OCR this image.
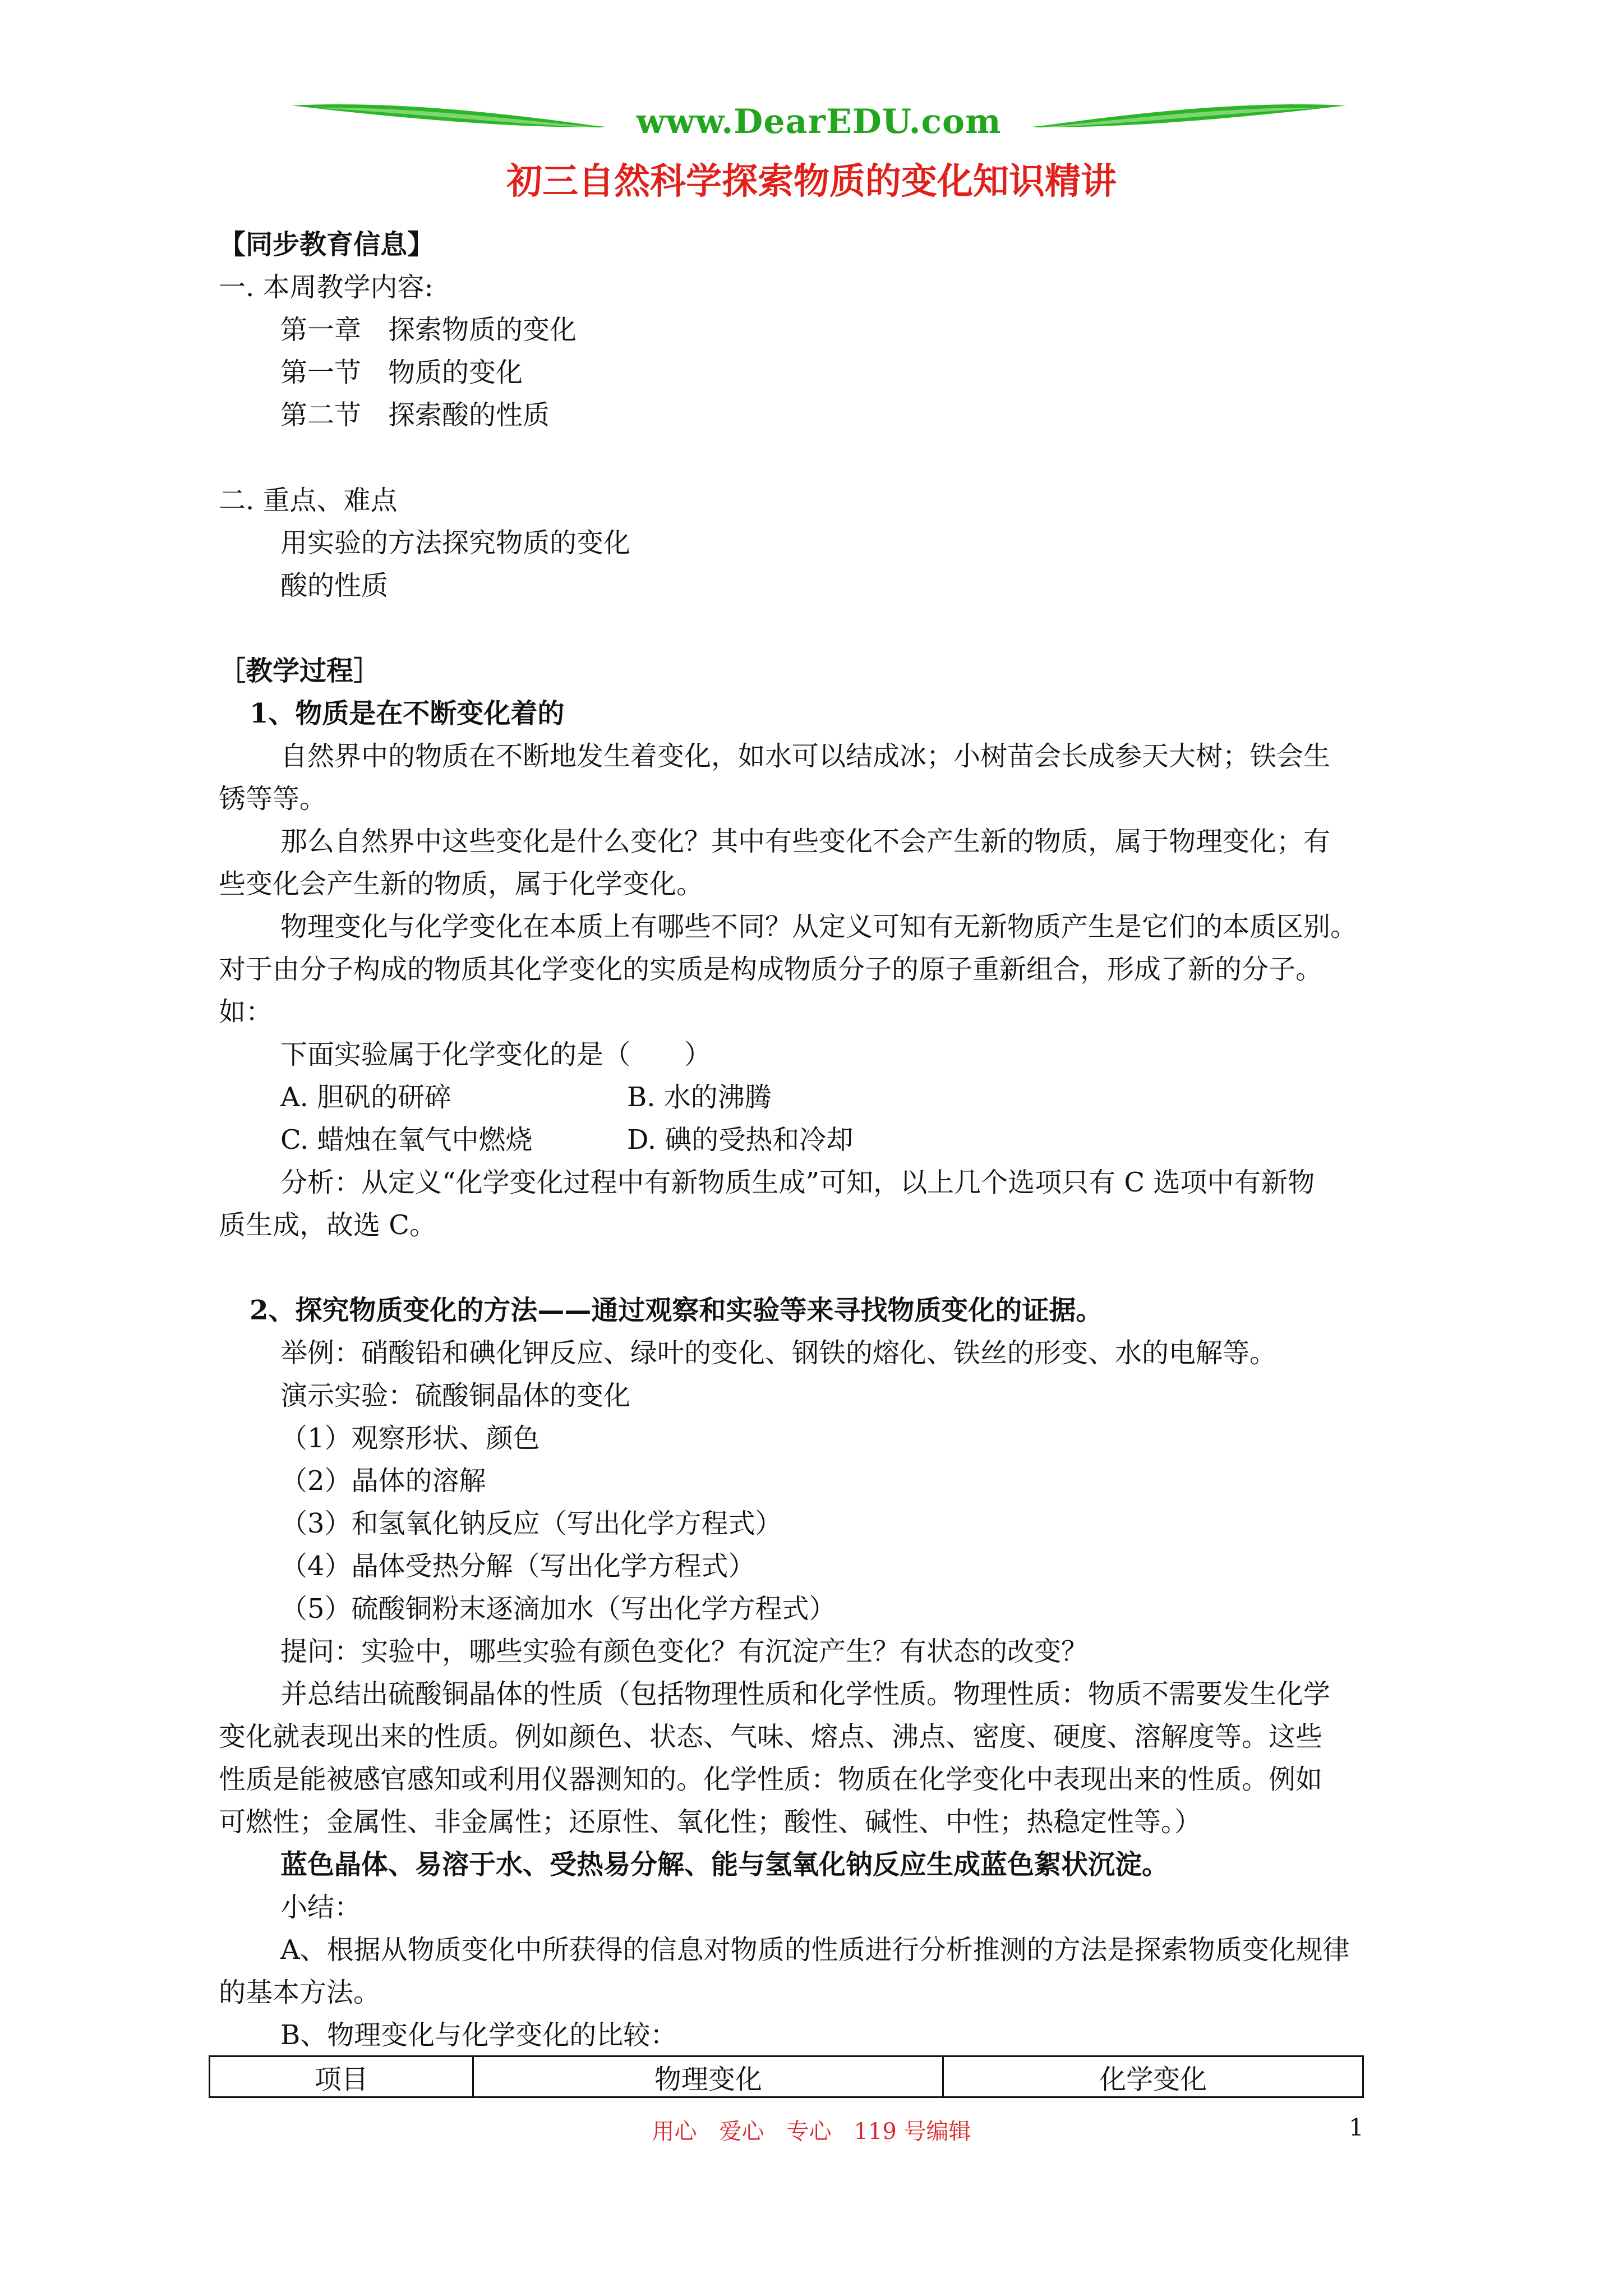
www.DearEDU.com
初三自然科学探索物质的变化知识精讲
【同步教育信息】
一. 本周教学内容:
第一章　探索物质的变化
第一节　物质的变化
第二节　探索酸的性质
二. 重点、难点
用实验的方法探究物质的变化
酸的性质
［教学过程］
1、物质是在不断变化着的
自然界中的物质在不断地发生着变化，如水可以结成冰；小树苗会长成参天大树；铁会生
锈等等。
那么自然界中这些变化是什么变化？其中有些变化不会产生新的物质，属于物理变化；有
些变化会产生新的物质，属于化学变化。
物理变化与化学变化在本质上有哪些不同？从定义可知有无新物质产生是它们的本质区别。
对于由分子构成的物质其化学变化的实质是构成物质分子的原子重新组合，形成了新的分子。
如：
下面实验属于化学变化的是（　　）
A. 胆矾的研碎	B. 水的沸腾
C. 蜡烛在氧气中燃烧	D. 碘的受热和冷却
分析：从定义“化学变化过程中有新物质生成”可知，以上几个选项只有 C 选项中有新物
质生成，故选 C。
2、探究物质变化的方法——通过观察和实验等来寻找物质变化的证据。
举例：硝酸铅和碘化钾反应、绿叶的变化、钢铁的熔化、铁丝的形变、水的电解等。
演示实验：硫酸铜晶体的变化
（1）观察形状、颜色
（2）晶体的溶解
（3）和氢氧化钠反应（写出化学方程式）
（4）晶体受热分解（写出化学方程式）
（5）硫酸铜粉末逐滴加水（写出化学方程式）
提问：实验中，哪些实验有颜色变化？有沉淀产生？有状态的改变？
并总结出硫酸铜晶体的性质（包括物理性质和化学性质。物理性质：物质不需要发生化学
变化就表现出来的性质。例如颜色、状态、气味、熔点、沸点、密度、硬度、溶解度等。这些
性质是能被感官感知或利用仪器测知的。化学性质：物质在化学变化中表现出来的性质。例如
可燃性；金属性、非金属性；还原性、氧化性；酸性、碱性、中性；热稳定性等。）
蓝色晶体、易溶于水、受热易分解、能与氢氧化钠反应生成蓝色絮状沉淀。
小结：
A、根据从物质变化中所获得的信息对物质的性质进行分析推测的方法是探索物质变化规律
的基本方法。
B、物理变化与化学变化的比较：
项目	物理变化	化学变化
用心　爱心　专心　119 号编辑	1
